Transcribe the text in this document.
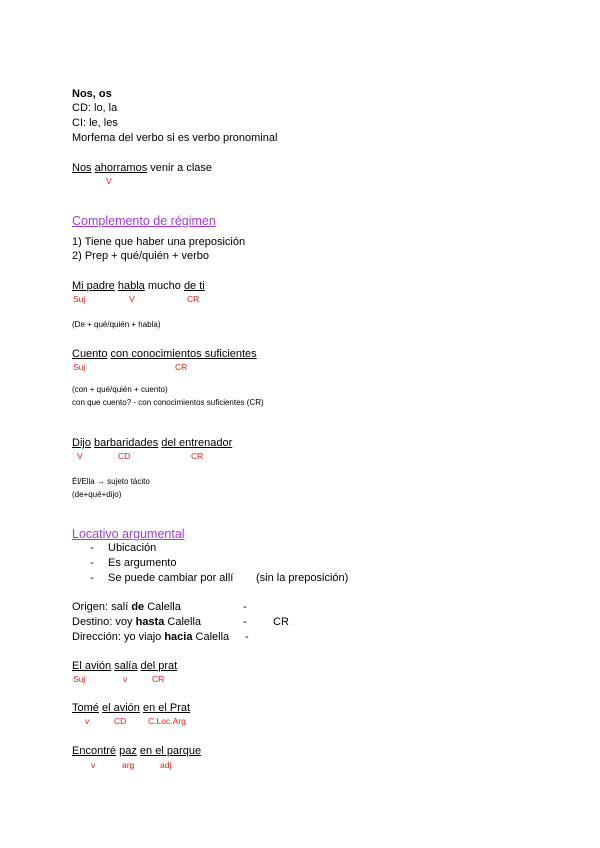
Nos, os
CD: lo, la
CI: le, les
Morfema del verbo si es verbo pronominal
Nos ahorramos venir a clase
V
Complemento de régimen
1) Tiene que haber una preposición
2) Prep + qué/quién + verbo
Mi padre habla mucho de ti
Suj	V	CR
(De + qué/quién + habla)
Cuento con conocimientos suficientes
Suj	CR
(con + qué/quién + cuento)
con que cuento? - con conocimientos suficientes (CR)
Dijo barbaridades del entrenador
V	CD	CR
Él/Ella → sujeto tácito
(de+qué+dijo)
Locativo argumental
- Ubicación
- Es argumento
- Se puede cambiar por allí (sin la preposición)
Origen: salí de Calella	-
Destino: voy hasta Calella	- CR
Dirección: yo viajo hacia Calella -
El avión salía del prat
Suj	v	CR
Tomé el avión en el Prat
v	CD	C.Loc.Arg
Encontré paz en el parque
v	arg	adj
